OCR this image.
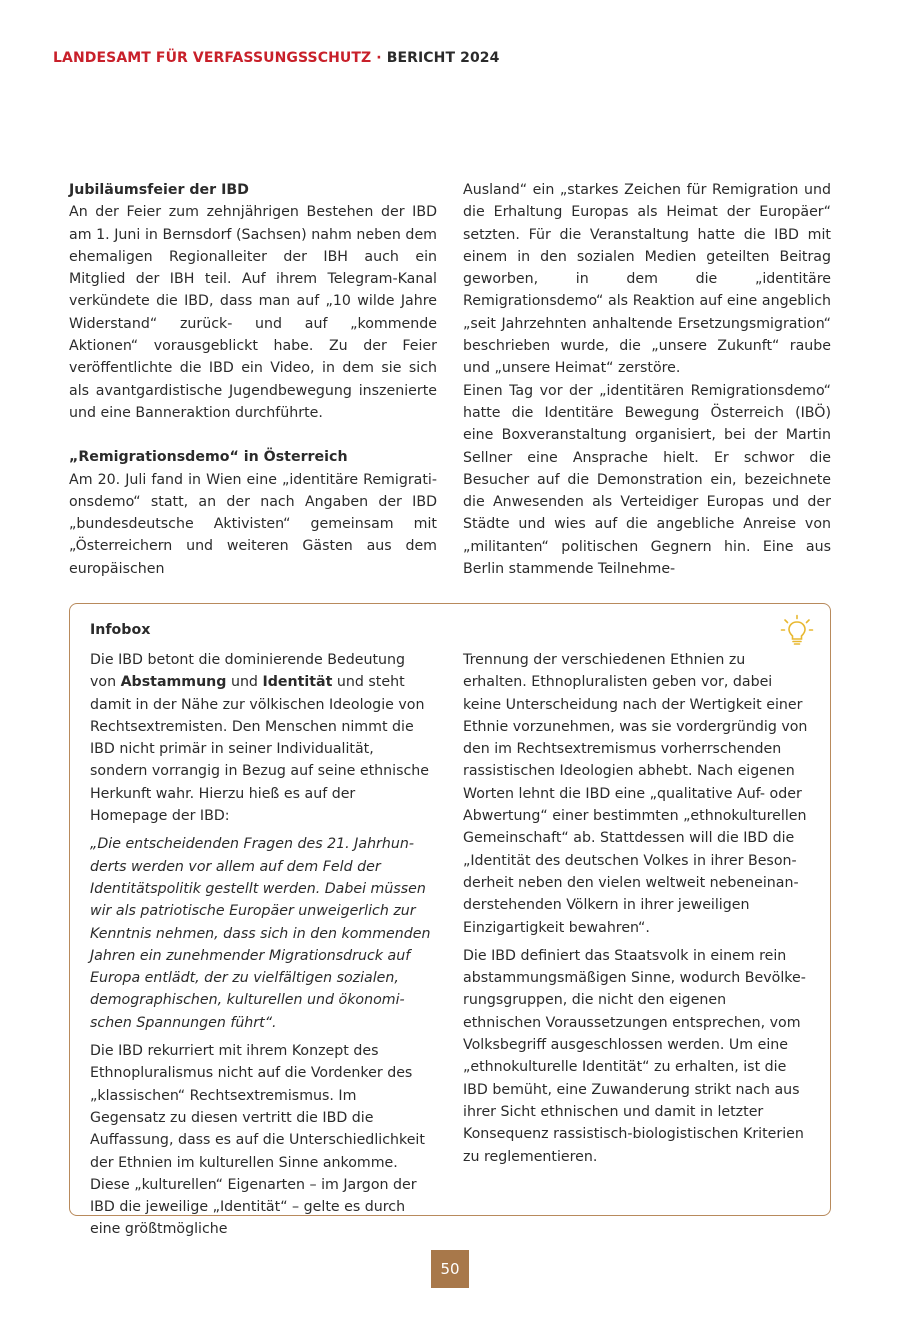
LANDESAMT FÜR VERFASSUNGSSCHUTZ · BERICHT 2024
Jubiläumsfeier der IBD

An der Feier zum zehnjährigen Bestehen der IBD am 1. Juni in Bernsdorf (Sachsen) nahm neben dem ehemaligen Regionalleiter der IBH auch ein Mitglied der IBH teil. Auf ihrem Telegram-Kanal verkündete die IBD, dass man auf „10 wilde Jahre Widerstand“ zurück- und auf „kommende Aktionen“ vorausgeblickt habe. Zu der Feier veröffentlichte die IBD ein Video, in dem sie sich als avantgardistische Jugendbewegung inszenierte und eine Banneraktion durchführte.

„Remigrationsdemo“ in Österreich

Am 20. Juli fand in Wien eine „identitäre Remigrationsdemo“ statt, an der nach Angaben der IBD „bundesdeutsche Aktivisten“ gemeinsam mit „Österreichern und weiteren Gästen aus dem europäischen

Ausland“ ein „starkes Zeichen für Remigration und die Erhaltung Europas als Heimat der Europäer“ setzten. Für die Veranstaltung hatte die IBD mit einem in den sozialen Medien geteilten Beitrag geworben, in dem die „identitäre Remigrationsdemo“ als Reaktion auf eine angeblich „seit Jahrzehnten anhaltende Ersetzungsmigration“ beschrieben wurde, die „unsere Zukunft“ raube und „unsere Heimat“ zerstöre.

Einen Tag vor der „identitären Remigrationsdemo“ hatte die Identitäre Bewegung Österreich (IBÖ) eine Boxveranstaltung organisiert, bei der Martin Sellner eine Ansprache hielt. Er schwor die Besucher auf die Demonstration ein, bezeichnete die Anwesenden als Verteidiger Europas und der Städte und wies auf die angebliche Anreise von „militanten“ politischen Gegnern hin. Eine aus Berlin stammende Teilnehme-

Infobox

Die IBD betont die dominierende Bedeutung von Abstammung und Identität und steht damit in der Nähe zur völkischen Ideologie von Rechtsextremisten. Den Menschen nimmt die IBD nicht primär in seiner Individualität, sondern vorrangig in Bezug auf seine ethnische Herkunft wahr. Hierzu hieß es auf der Homepage der IBD:

„Die entscheidenden Fragen des 21. Jahrhunderts werden vor allem auf dem Feld der Identitätspolitik gestellt werden. Dabei müssen wir als patriotische Europäer unweigerlich zur Kenntnis nehmen, dass sich in den kommenden Jahren ein zunehmender Migrationsdruck auf Europa entlädt, der zu vielfältigen sozialen, demographischen, kulturellen und ökonomischen Spannungen führt“.

Die IBD rekurriert mit ihrem Konzept des Ethnopluralismus nicht auf die Vordenker des „klassischen“ Rechtsextremismus. Im Gegensatz zu diesen vertritt die IBD die Auffassung, dass es auf die Unterschiedlichkeit der Ethnien im kulturellen Sinne ankomme. Diese „kulturellen“ Eigenarten – im Jargon der IBD die jeweilige „Identität“ – gelte es durch eine größtmögliche

Trennung der verschiedenen Ethnien zu erhalten. Ethnopluralisten geben vor, dabei keine Unterscheidung nach der Wertigkeit einer Ethnie vorzunehmen, was sie vordergründig von den im Rechtsextremismus vorherrschenden rassistischen Ideologien abhebt. Nach eigenen Worten lehnt die IBD eine „qualitative Auf- oder Abwertung“ einer bestimmten „ethnokulturellen Gemeinschaft“ ab. Stattdessen will die IBD die „Identität des deutschen Volkes in ihrer Besonderheit neben den vielen weltweit nebeneinanderstehenden Völkern in ihrer jeweiligen Einzigartigkeit bewahren“.

Die IBD definiert das Staatsvolk in einem rein abstammungsmäßigen Sinne, wodurch Bevölkerungsgruppen, die nicht den eigenen ethnischen Voraussetzungen entsprechen, vom Volksbegriff ausgeschlossen werden. Um eine „ethnokulturelle Identität“ zu erhalten, ist die IBD bemüht, eine Zuwanderung strikt nach aus ihrer Sicht ethnischen und damit in letzter Konsequenz rassistisch-biologistischen Kriterien zu reglementieren.

50
